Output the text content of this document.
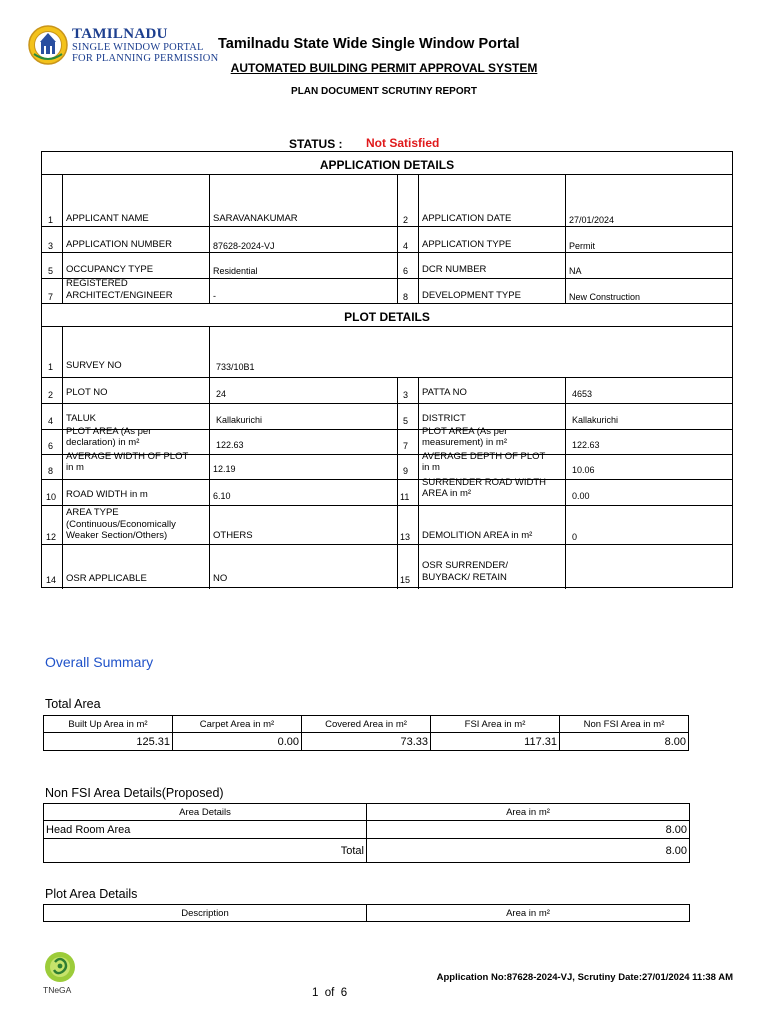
TAMILNADU
SINGLE WINDOW PORTAL
FOR PLANNING PERMISSION
Tamilnadu State Wide Single Window Portal
AUTOMATED BUILDING PERMIT APPROVAL SYSTEM
PLAN DOCUMENT SCRUTINY REPORT
STATUS : Not Satisfied
APPLICATION DETAILS
1 APPLICANT NAME	SARAVANAKUMAR	2 APPLICATION DATE	27/01/2024
3 APPLICATION NUMBER	87628-2024-VJ	4 APPLICATION TYPE	Permit
5 OCCUPANCY TYPE	Residential	6 DCR NUMBER	NA
7
REGISTERED
ARCHITECT/ENGINEER	-	8 DEVELOPMENT TYPE	New Construction
PLOT DETAILS
1 SURVEY NO	733/10B1
2 PLOT NO	24	3 PATTA NO	4653
4 TALUK	Kallakurichi	5 DISTRICT	Kallakurichi
6
PLOT AREA (As per
declaration) in m²	122.63	7
PLOT AREA (As per
measurement) in m²	122.63
8
AVERAGE WIDTH OF PLOT
in m	12.19	9
AVERAGE DEPTH OF PLOT
in m	10.06
10 ROAD WIDTH in m	6.10	11
SURRENDER ROAD WIDTH
AREA in m²	0.00
12
AREA TYPE
(Continuous/Economically
Weaker Section/Others)	OTHERS	13 DEMOLITION AREA in m²	0
14 OSR APPLICABLE	NO	15
OSR SURRENDER/
BUYBACK/ RETAIN
Overall Summary
Total Area
Built Up Area in m²	Carpet Area in m²	Covered Area in m²	FSI Area in m²	Non FSI Area in m²
125.31	0.00	73.33	117.31	8.00
Non FSI Area Details(Proposed)
Area Details	Area in m²
Head Room Area	8.00
Total	8.00
Plot Area Details
Description	Area in m²
TNeGA
Application No:87628-2024-VJ, Scrutiny Date:27/01/2024 11:38 AM
1  of  6
